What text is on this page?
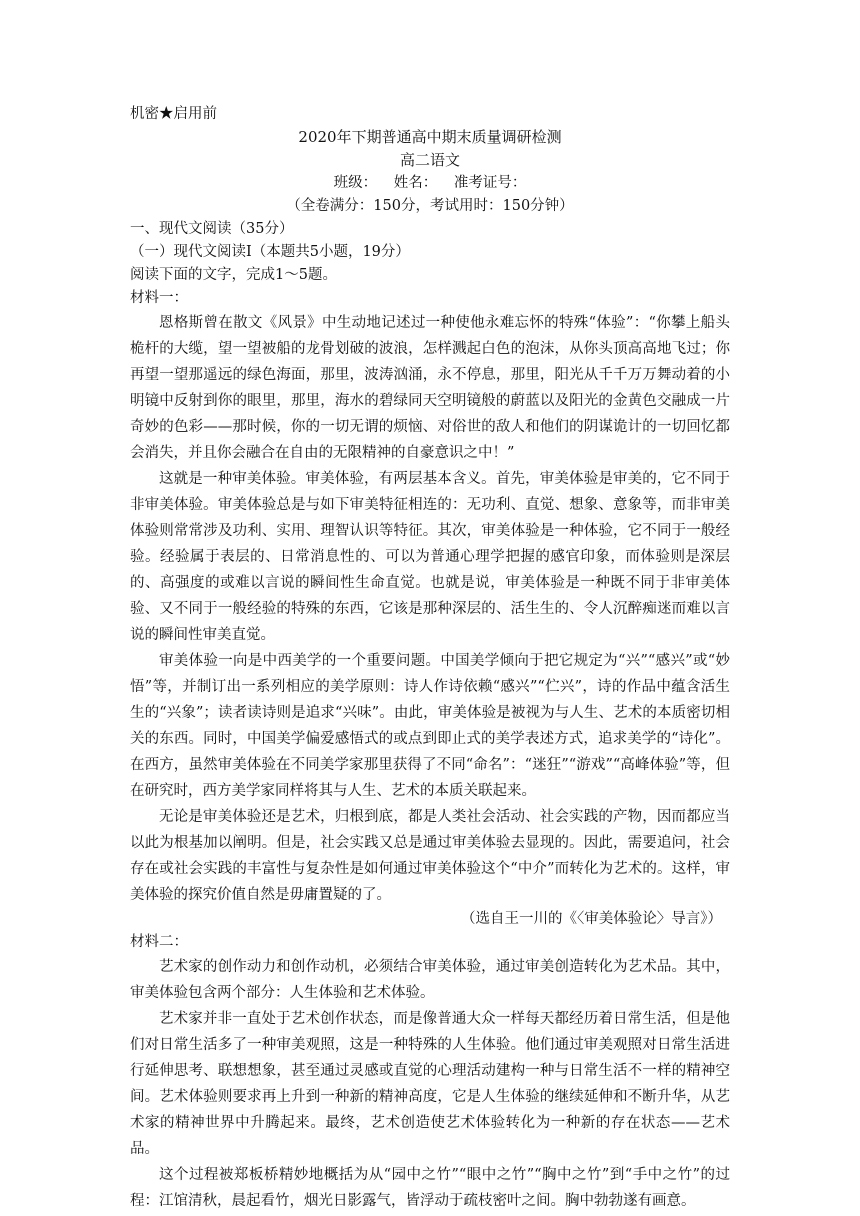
机密★启用前
2020年下期普通高中期末质量调研检测
高二语文
班级： 姓名： 准考证号：
（全卷满分：150分，考试用时：150分钟）
一、现代文阅读（35分）
（一）现代文阅读Ⅰ（本题共5小题，19分）
阅读下面的文字，完成1～5题。
材料一：

恩格斯曾在散文《风景》中生动地记述过一种使他永难忘怀的特殊“体验”：“你攀上船头桅杆的大缆，望一望被船的龙骨划破的波浪，怎样溅起白色的泡沫，从你头顶高高地飞过；你再望一望那遥远的绿色海面，那里，波涛汹涌，永不停息，那里，阳光从千千万万舞动着的小明镜中反射到你的眼里，那里，海水的碧绿同天空明镜般的蔚蓝以及阳光的金黄色交融成一片奇妙的色彩——那时候，你的一切无谓的烦恼、对俗世的敌人和他们的阴谋诡计的一切回忆都会消失，并且你会融合在自由的无限精神的自豪意识之中！”

这就是一种审美体验。审美体验，有两层基本含义。首先，审美体验是审美的，它不同于非审美体验。审美体验总是与如下审美特征相连的：无功利、直觉、想象、意象等，而非审美体验则常常涉及功利、实用、理智认识等特征。其次，审美体验是一种体验，它不同于一般经验。经验属于表层的、日常消息性的、可以为普通心理学把握的感官印象，而体验则是深层的、高强度的或难以言说的瞬间性生命直觉。也就是说，审美体验是一种既不同于非审美体验、又不同于一般经验的特殊的东西，它该是那种深层的、活生生的、令人沉醉痴迷而难以言说的瞬间性审美直觉。

审美体验一向是中西美学的一个重要问题。中国美学倾向于把它规定为“兴”“感兴”或“妙悟”等，并制订出一系列相应的美学原则：诗人作诗依赖“感兴”“伫兴”，诗的作品中蕴含活生生的“兴象”；读者读诗则是追求“兴味”。由此，审美体验是被视为与人生、艺术的本质密切相关的东西。同时，中国美学偏爱感悟式的或点到即止式的美学表述方式，追求美学的“诗化”。在西方，虽然审美体验在不同美学家那里获得了不同“命名”：“迷狂”“游戏”“高峰体验”等，但在研究时，西方美学家同样将其与人生、艺术的本质关联起来。

无论是审美体验还是艺术，归根到底，都是人类社会活动、社会实践的产物，因而都应当以此为根基加以阐明。但是，社会实践又总是通过审美体验去显现的。因此，需要追问，社会存在或社会实践的丰富性与复杂性是如何通过审美体验这个“中介”而转化为艺术的。这样，审美体验的探究价值自然是毋庸置疑的了。

（选自王一川的《〈审美体验论〉导言》）
材料二：

艺术家的创作动力和创作动机，必须结合审美体验，通过审美创造转化为艺术品。其中，审美体验包含两个部分：人生体验和艺术体验。

艺术家并非一直处于艺术创作状态，而是像普通大众一样每天都经历着日常生活，但是他们对日常生活多了一种审美观照，这是一种特殊的人生体验。他们通过审美观照对日常生活进行延伸思考、联想想象，甚至通过灵感或直觉的心理活动建构一种与日常生活不一样的精神空间。艺术体验则要求再上升到一种新的精神高度，它是人生体验的继续延伸和不断升华，从艺术家的精神世界中升腾起来。最终，艺术创造使艺术体验转化为一种新的存在状态——艺术品。

这个过程被郑板桥精妙地概括为从“园中之竹”“眼中之竹”“胸中之竹”到“手中之竹”的过程：江馆清秋，晨起看竹，烟光日影露气，皆浮动于疏枝密叶之间。胸中勃勃遂有画意。
